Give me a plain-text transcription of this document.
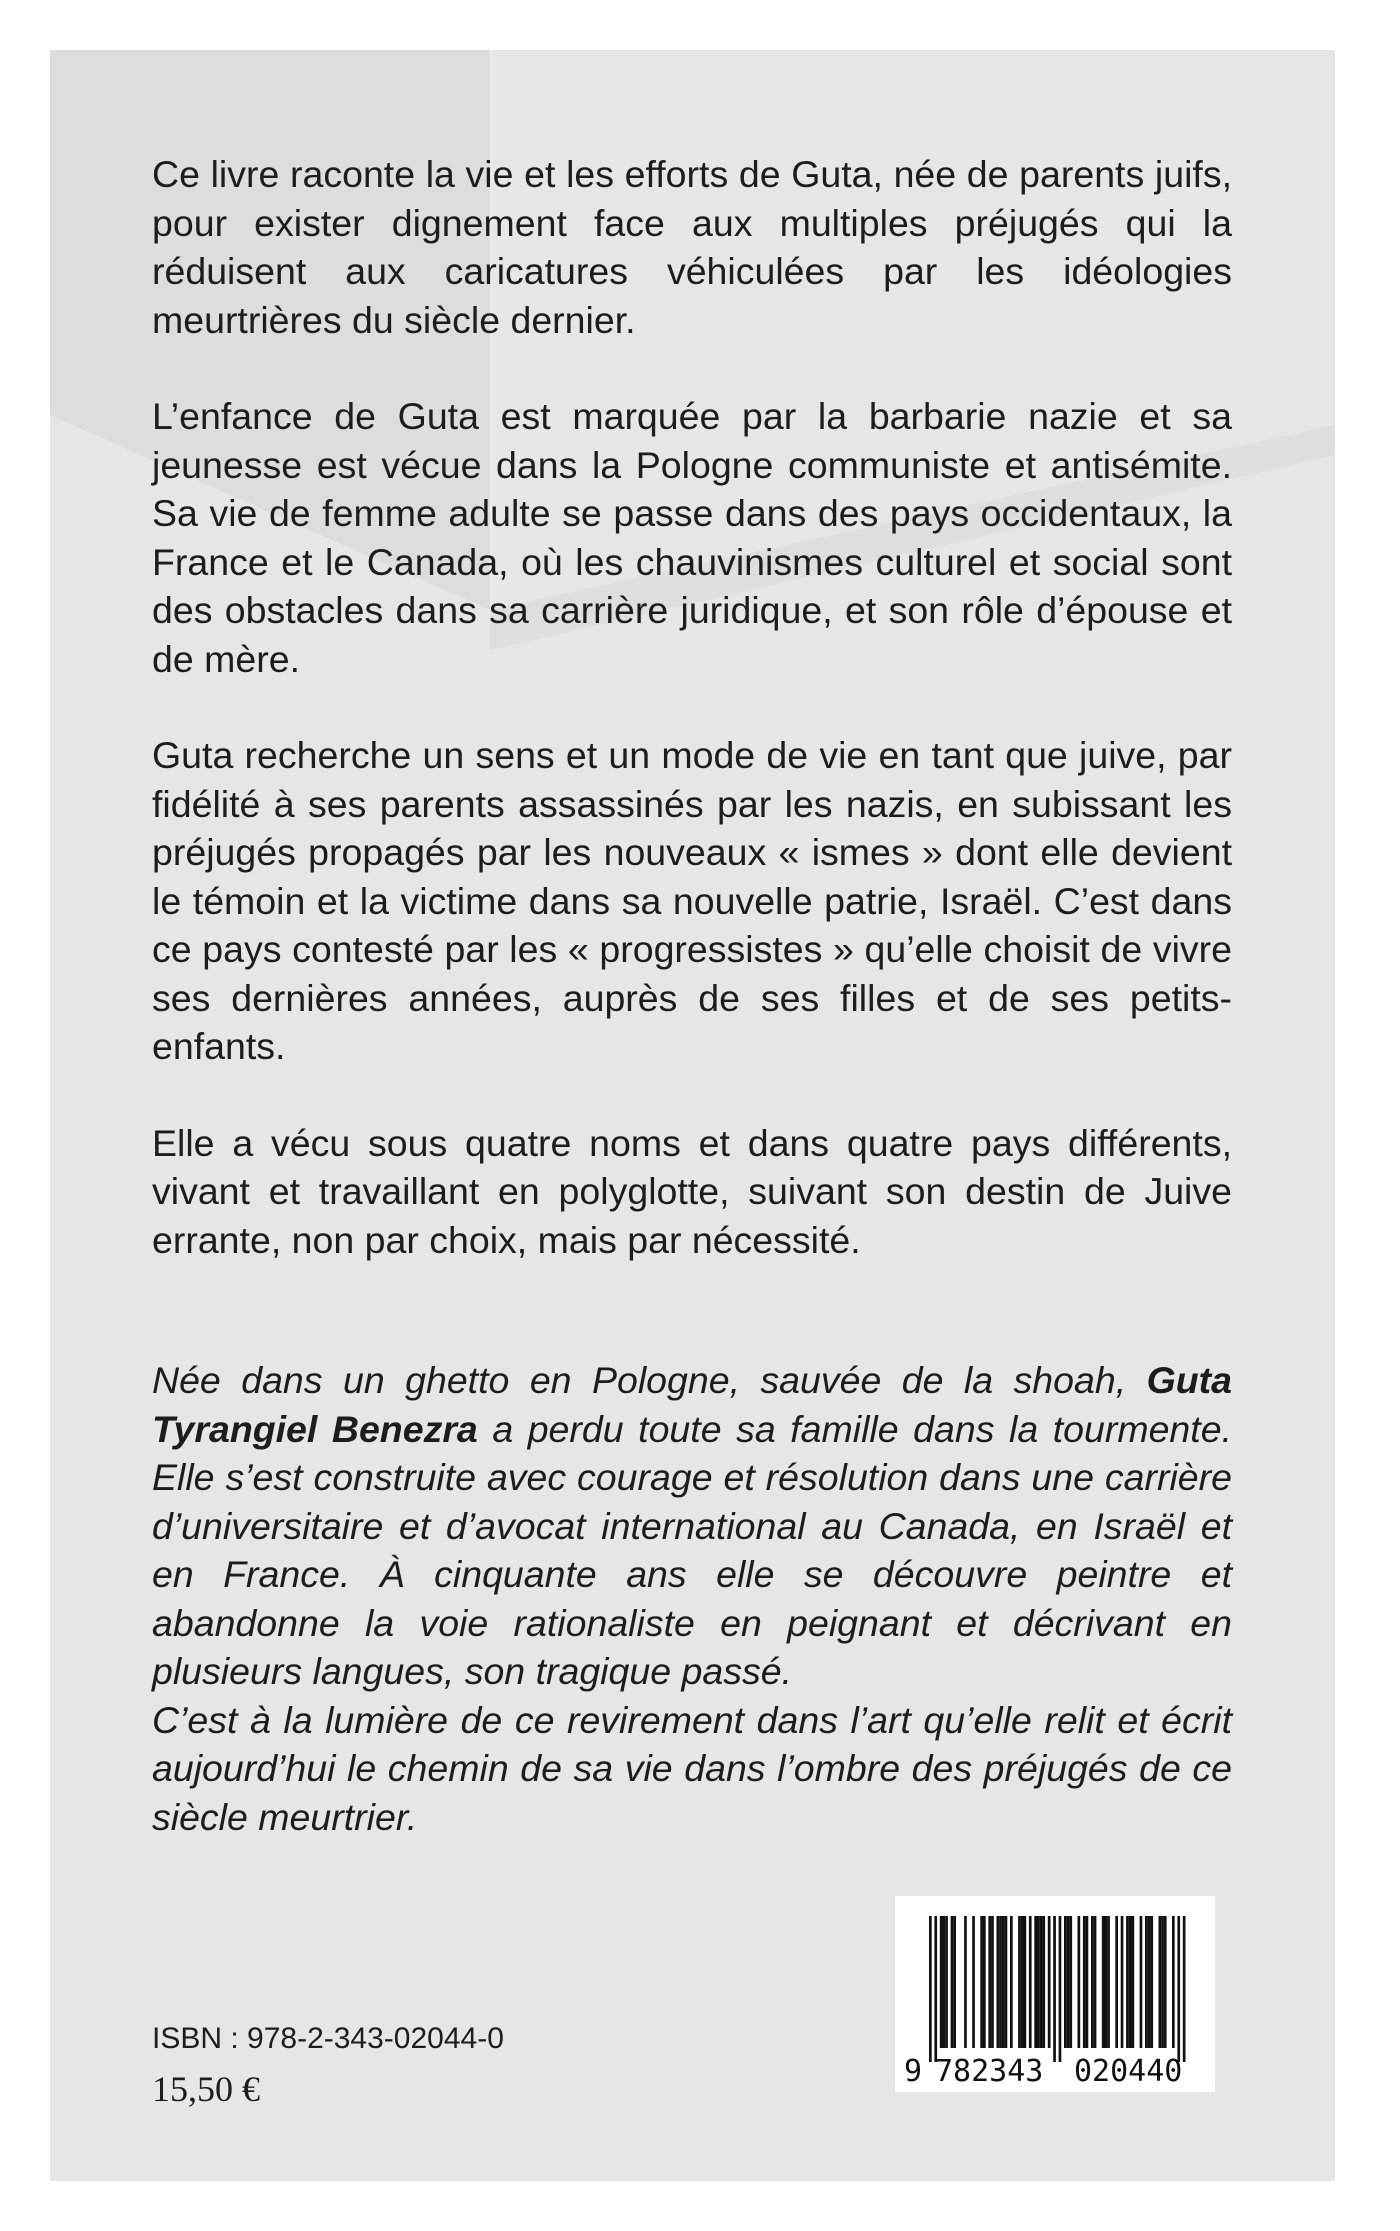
Ce livre raconte la vie et les efforts de Guta, née de parents juifs, pour exister dignement face aux multiples préjugés qui la réduisent aux caricatures véhiculées par les idéologies meurtrières du siècle dernier.

L’enfance de Guta est marquée par la barbarie nazie et sa jeunesse est vécue dans la Pologne communiste et antisémite. Sa vie de femme adulte se passe dans des pays occidentaux, la France et le Canada, où les chauvinismes culturel et social sont des obstacles dans sa carrière juridique, et son rôle d’épouse et de mère.

Guta recherche un sens et un mode de vie en tant que juive, par fidélité à ses parents assassinés par les nazis, en subissant les préjugés propagés par les nouveaux « ismes » dont elle devient le témoin et la victime dans sa nouvelle patrie, Israël. C’est dans ce pays contesté par les « progressistes » qu’elle choisit de vivre ses dernières années, auprès de ses filles et de ses petits-enfants.

Elle a vécu sous quatre noms et dans quatre pays différents, vivant et travaillant en polyglotte, suivant son destin de Juive errante, non par choix, mais par nécessité.

Née dans un ghetto en Pologne, sauvée de la shoah, Guta Tyrangiel Benezra a perdu toute sa famille dans la tourmente. Elle s’est construite avec courage et résolution dans une carrière d’universitaire et d’avocat international au Canada, en Israël et en France. À cinquante ans elle se découvre peintre et abandonne la voie rationaliste en peignant et décrivant en plusieurs langues, son tragique passé.
C’est à la lumière de ce revirement dans l’art qu’elle relit et écrit aujourd’hui le chemin de sa vie dans l’ombre des préjugés de ce siècle meurtrier.

ISBN : 978-2-343-02044-0
15,50 €	9 782343 020440
